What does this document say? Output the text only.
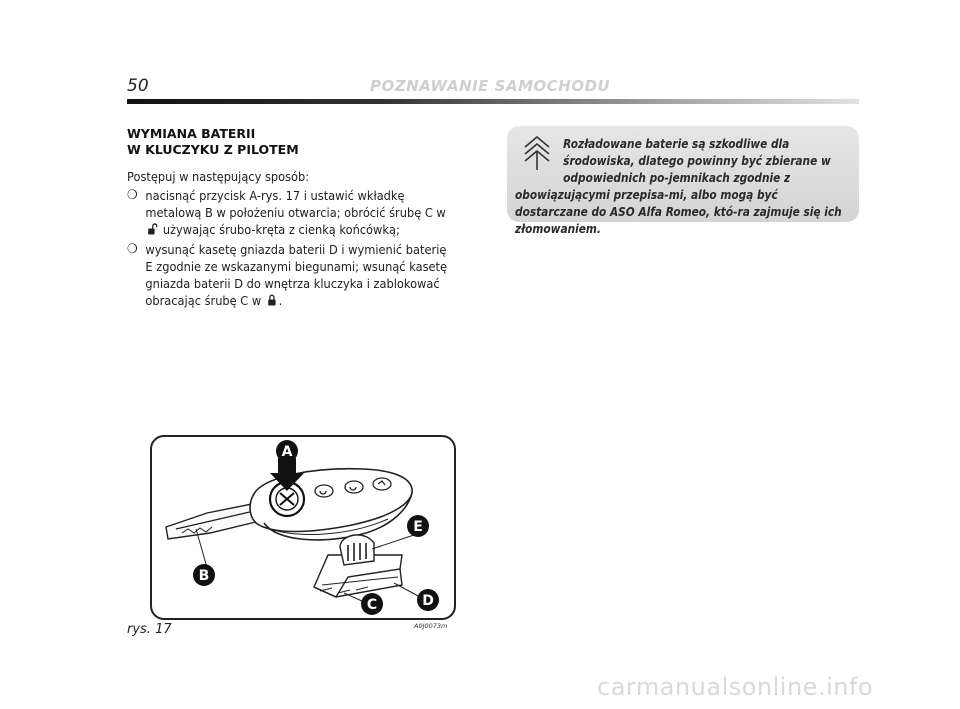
50	POZNAWANIE SAMOCHODU
WYMIANA BATERII
W KLUCZYKU Z PILOTEM

Postępuj w następujący sposób:

❍ nacisnąć przycisk A-rys. 17 i ustawić wkładkę metalową B w położeniu otwarcia; obrócić śrubę C w  używając śrubo-kręta z cienką końcówką;
❍ wysunąć kasetę gniazda baterii D i wymienić baterię E zgodnie ze wskazanymi biegunami; wsunąć kasetę gniazda baterii D do wnętrza kluczyka i zablokować obracając śrubę C w .

Rozładowane baterie są szkodliwe dla środowiska, dlatego powinny być zbierane w odpowiednich po-jemnikach zgodnie z obowiązującymi przepisa-mi, albo mogą być dostarczane do ASO Alfa Romeo, któ-ra zajmuje się ich złomowaniem.

A
B
C	D
E
rys. 17	A0J0073m
carmanualsonline.info
